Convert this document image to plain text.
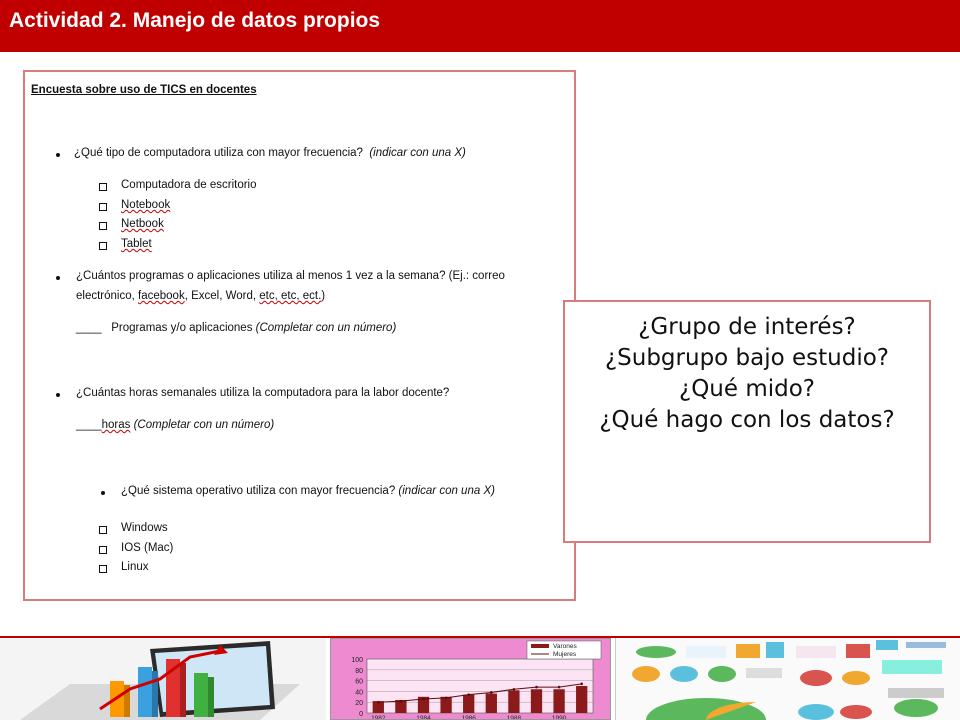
Actividad 2. Manejo de datos propios
Encuesta sobre uso de TICS en docentes
¿Qué tipo de computadora utiliza con mayor frecuencia? (indicar con una X)
Computadora de escritorio
Notebook
Netbook
Tablet
¿Cuántos programas o aplicaciones utiliza al menos 1 vez a la semana? (Ej.: correo
electrónico, facebook, Excel, Word, etc, etc, ect.)
____ Programas y/o aplicaciones (Completar con un número)
¿Cuántas horas semanales utiliza la computadora para la labor docente?
____horas (Completar con un número)
¿Qué sistema operativo utiliza con mayor frecuencia? (indicar con una X)
Windows
IOS (Mac)
Linux
¿Grupo de interés?
¿Subgrupo bajo estudio?
¿Qué mido?
¿Qué hago con los datos?
100
80
60
40
20
0
1982	1984	1986	1988	1990
Varones
Mujeres
